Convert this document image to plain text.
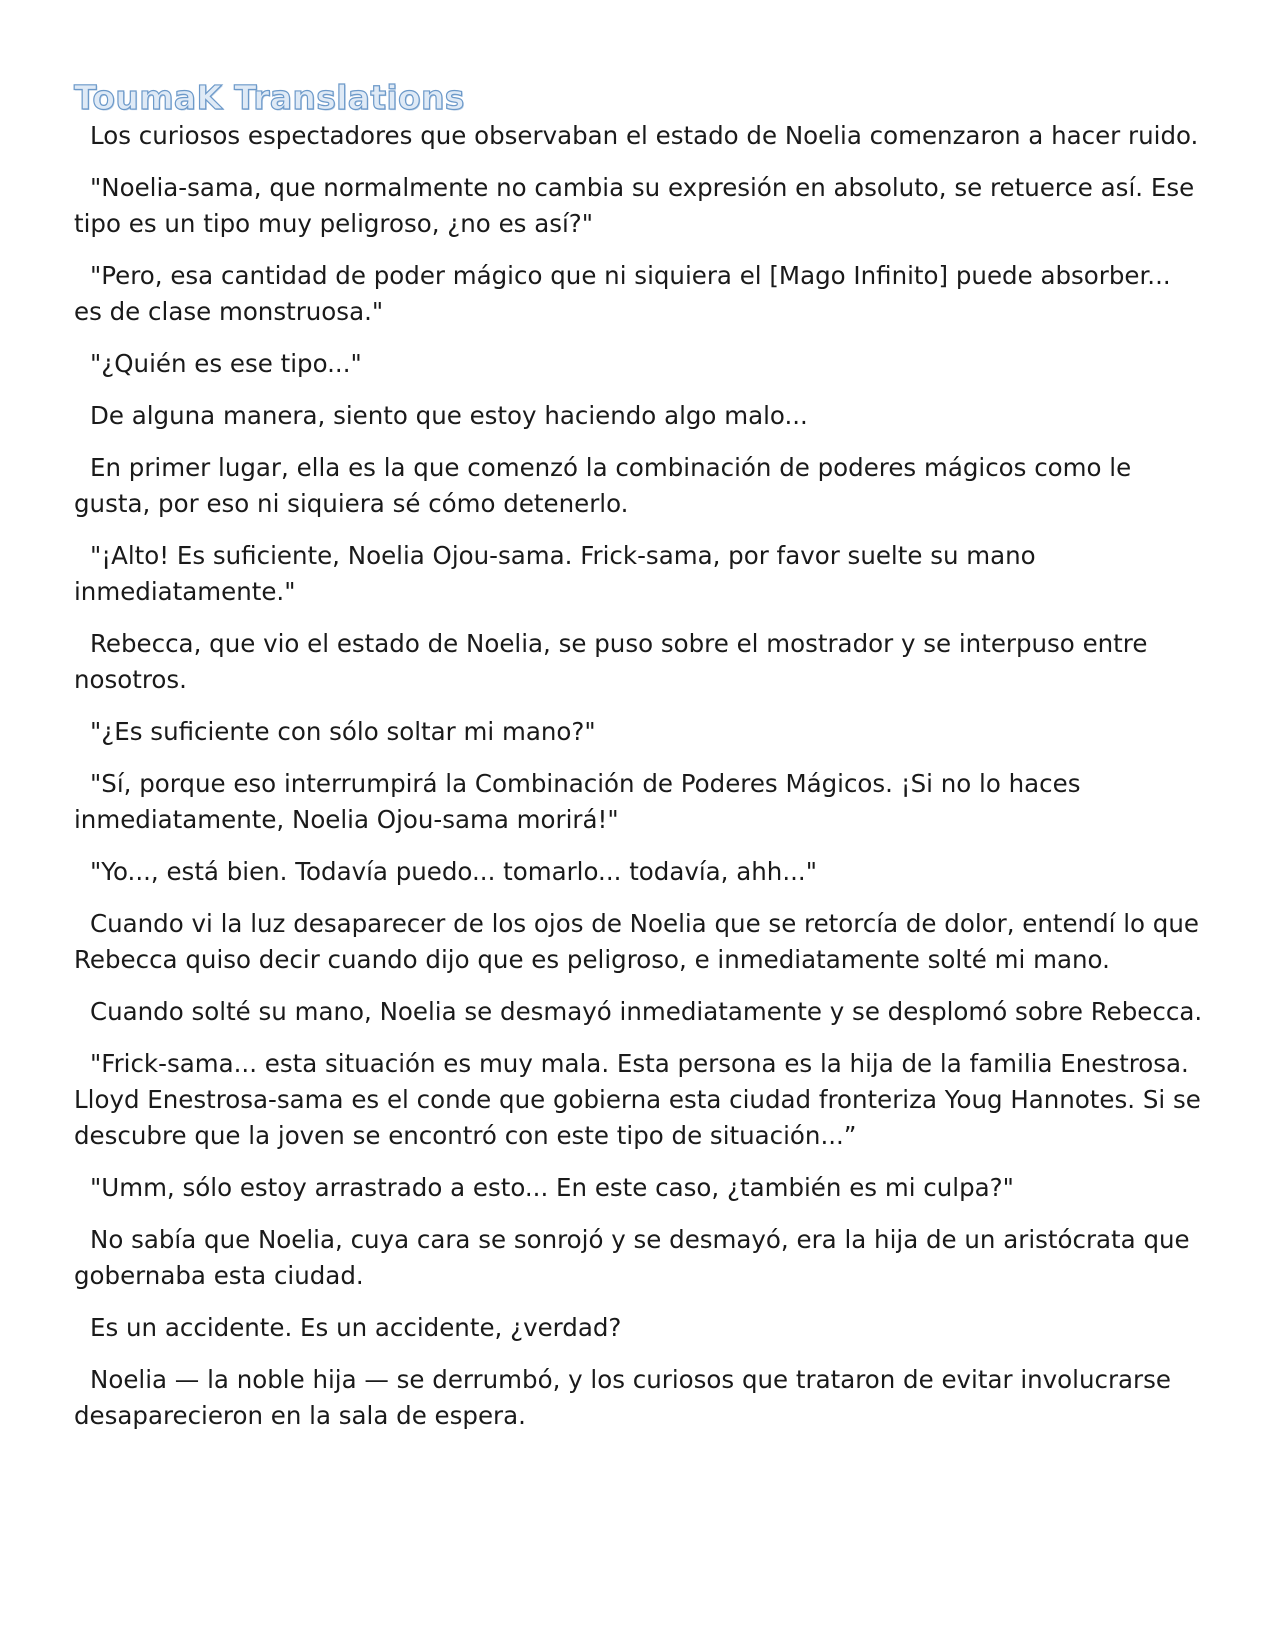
ToumaK Translations

Los curiosos espectadores que observaban el estado de Noelia comenzaron a hacer ruido.

"Noelia-sama, que normalmente no cambia su expresión en absoluto, se retuerce así. Ese tipo es un tipo muy peligroso, ¿no es así?"

"Pero, esa cantidad de poder mágico que ni siquiera el [Mago Infinito] puede absorber... es de clase monstruosa."

"¿Quién es ese tipo..."

De alguna manera, siento que estoy haciendo algo malo...

En primer lugar, ella es la que comenzó la combinación de poderes mágicos como le gusta, por eso ni siquiera sé cómo detenerlo.

"¡Alto! Es suficiente, Noelia Ojou-sama. Frick-sama, por favor suelte su mano inmediatamente."

Rebecca, que vio el estado de Noelia, se puso sobre el mostrador y se interpuso entre nosotros.

"¿Es suficiente con sólo soltar mi mano?"

"Sí, porque eso interrumpirá la Combinación de Poderes Mágicos. ¡Si no lo haces inmediatamente, Noelia Ojou-sama morirá!"

"Yo..., está bien. Todavía puedo... tomarlo... todavía, ahh..."

Cuando vi la luz desaparecer de los ojos de Noelia que se retorcía de dolor, entendí lo que Rebecca quiso decir cuando dijo que es peligroso, e inmediatamente solté mi mano.

Cuando solté su mano, Noelia se desmayó inmediatamente y se desplomó sobre Rebecca.

"Frick-sama... esta situación es muy mala. Esta persona es la hija de la familia Enestrosa. Lloyd Enestrosa-sama es el conde que gobierna esta ciudad fronteriza Youg Hannotes. Si se descubre que la joven se encontró con este tipo de situación...”

"Umm, sólo estoy arrastrado a esto... En este caso, ¿también es mi culpa?"

No sabía que Noelia, cuya cara se sonrojó y se desmayó, era la hija de un aristócrata que gobernaba esta ciudad.

Es un accidente. Es un accidente, ¿verdad?

Noelia — la noble hija — se derrumbó, y los curiosos que trataron de evitar involucrarse desaparecieron en la sala de espera.
